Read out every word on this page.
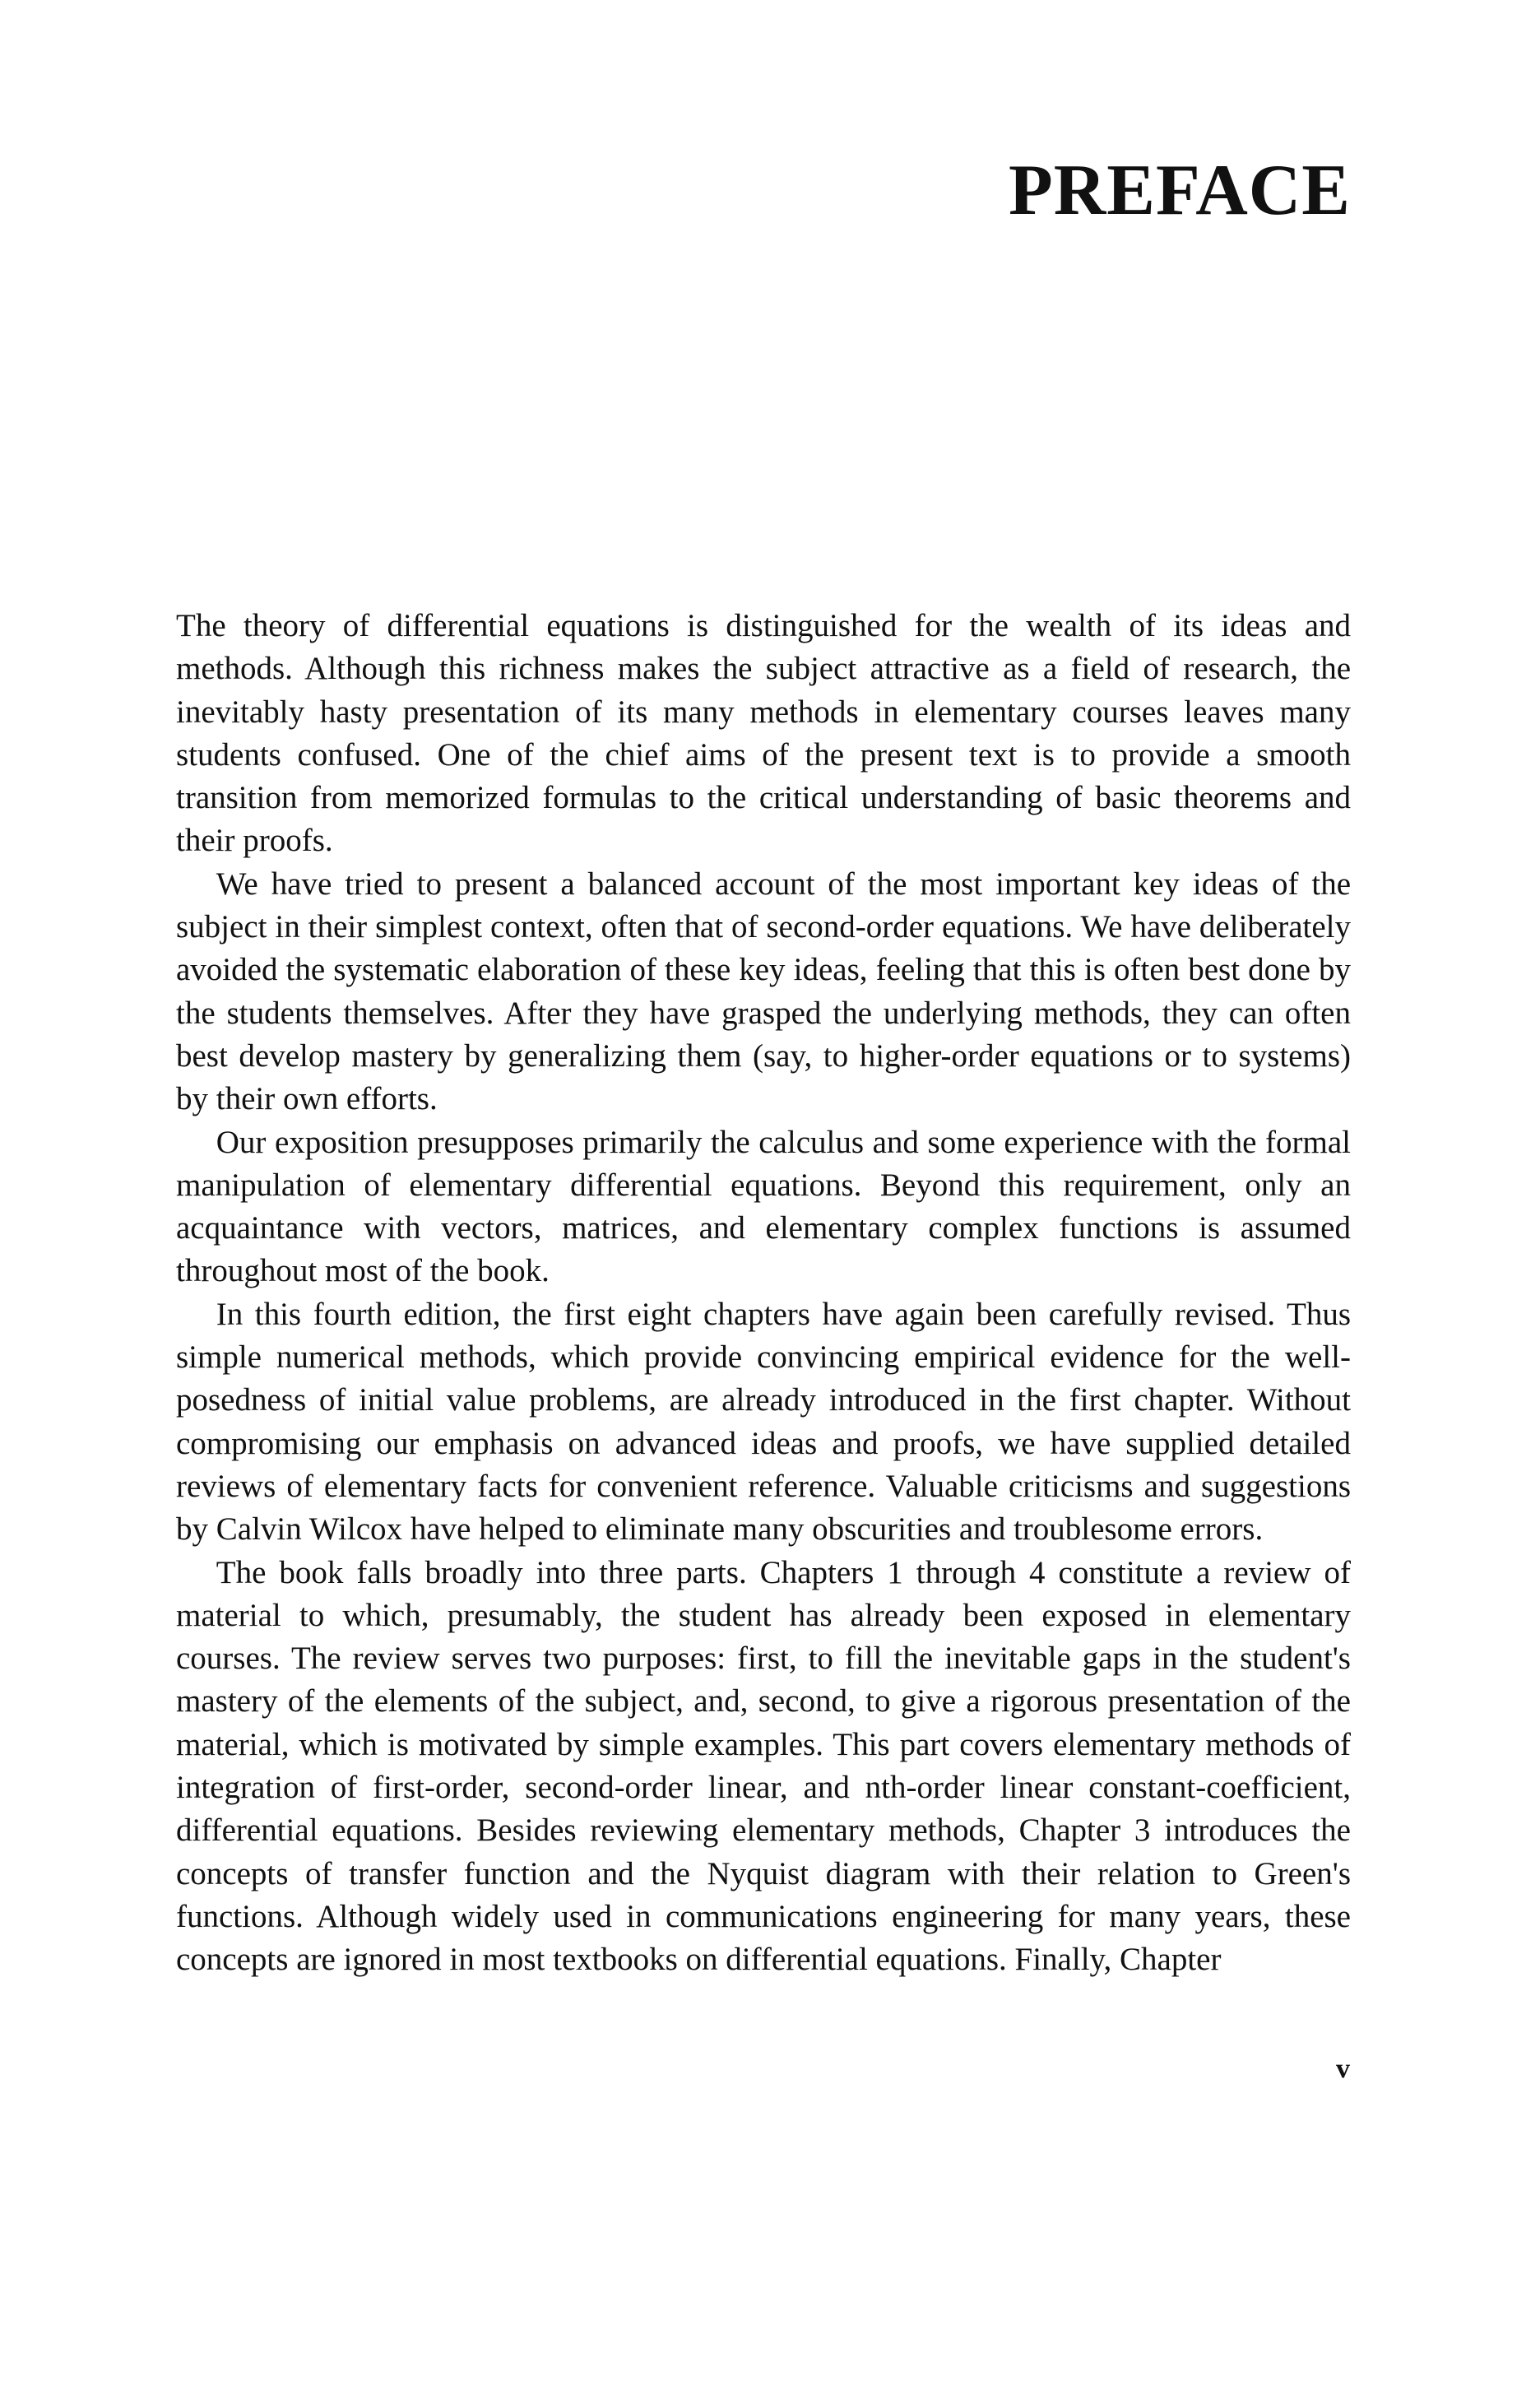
PREFACE

The theory of differential equations is distinguished for the wealth of its ideas and methods. Although this richness makes the subject attractive as a field of research, the inevitably hasty presentation of its many methods in elementary courses leaves many students confused. One of the chief aims of the present text is to provide a smooth transition from memorized formulas to the critical understanding of basic theorems and their proofs.

We have tried to present a balanced account of the most important key ideas of the subject in their simplest context, often that of second-order equations. We have deliberately avoided the systematic elaboration of these key ideas, feeling that this is often best done by the students themselves. After they have grasped the underlying methods, they can often best develop mastery by generalizing them (say, to higher-order equations or to systems) by their own efforts.

Our exposition presupposes primarily the calculus and some experience with the formal manipulation of elementary differential equations. Beyond this requirement, only an acquaintance with vectors, matrices, and elementary complex functions is assumed throughout most of the book.

In this fourth edition, the first eight chapters have again been carefully revised. Thus simple numerical methods, which provide convincing empirical evidence for the well-posedness of initial value problems, are already introduced in the first chapter. Without compromising our emphasis on advanced ideas and proofs, we have supplied detailed reviews of elementary facts for convenient reference. Valuable criticisms and suggestions by Calvin Wilcox have helped to eliminate many obscurities and troublesome errors.

The book falls broadly into three parts. Chapters 1 through 4 constitute a review of material to which, presumably, the student has already been exposed in elementary courses. The review serves two purposes: first, to fill the inevitable gaps in the student's mastery of the elements of the subject, and, second, to give a rigorous presentation of the material, which is motivated by simple examples. This part covers elementary methods of integration of first-order, second-order linear, and nth-order linear constant-coefficient, differential equations. Besides reviewing elementary methods, Chapter 3 introduces the concepts of transfer function and the Nyquist diagram with their relation to Green's functions. Although widely used in communications engineering for many years, these concepts are ignored in most textbooks on differential equations. Finally, Chapter

v
